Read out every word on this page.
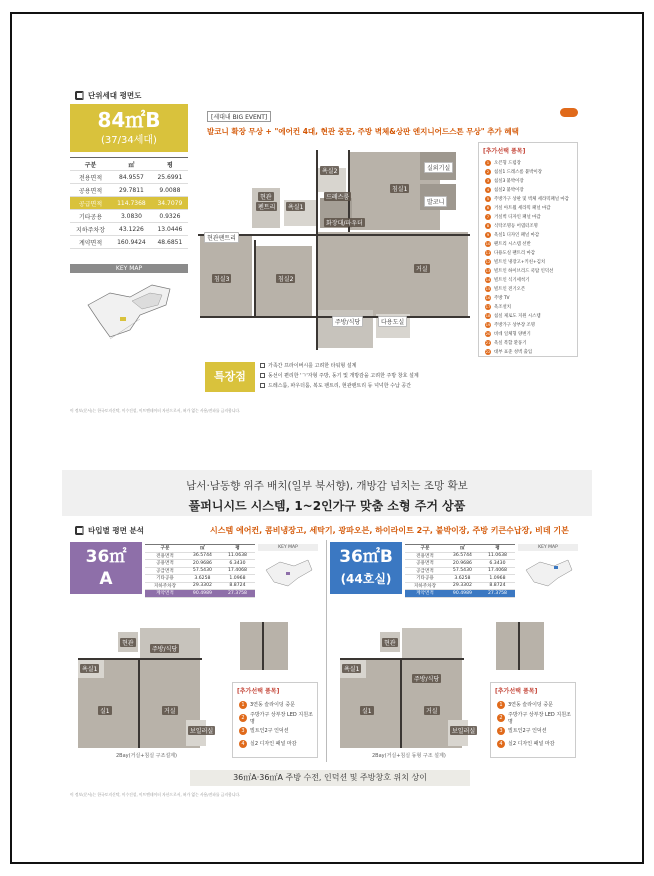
단위세대 평면도
84㎡B
(37/34세대)
구분	㎡	평
전용면적	84.9557	25.6991
공용면적	29.7811	9.0088
공급면적	114.7368	34.7079
기타공용	3.0830	0.9326
지하주차장	43.1226	13.0446
계약면적	160.9424	48.6851
KEY MAP
[세대내 BIG EVENT]
발코니 확장 무상 + "에어컨 4대, 현관 중문, 주방 벽체&상판 엔지니어드스톤 무상" 추가 혜택
욕실2
침실1
실외기실
현관
펜트리	욕실1
드레스룸
발코니
현관팬트리
화장대/파우더
침실3	침실2
거실
주방/식당	다용도실
[추가선택 품목]
1	오븐형 드럼장
2	침실1 드레스룸 붙박이장
3	침실3 붙박이장
4	침실2 붙박이장
5	주방가구 상판 및 벽체 세라믹패널 마감
6	거실 아트월 세라믹 패널 마감
7	거실벽 디자인 패널 마감
8	식탁조명등 어댑터조명
9	욕실1 디자인 패널 마감
10 팬트리 시스템 선반
11 다용도실 팬트리 마감
12 빌트인 냉장고+키친+김치
13 빌트인 하이브리드 쿡탑 인덕션
14 빌트인 식기세척기
15 빌트인 전기오븐
16 주방 TV
17 욕조설치
18 침실 제로도 지원 시스템
19 주방가구 상부장 조명
20 비데 일체형 양변기
21 욕실 복합 환풍기
22 대부 표준 성벽 출입
특장점
가족간 프라이버시를 고려한 타워형 설계
동선이 편리한 'ㄱ'자형 주방, 동기 및 개방감을 고려한 주방 창호 설계
드레스룸, 파우더룸, 복도 팬트리, 현관팬트리 등 넉넉한 수납 공간
이 정보(문서)는 한국토지신탁, 이수건설, 이트엔데이터 자산으로서, 허가 없는 사용/전파를 금지합니다.
남서·남동향 위주 배치(일부 북서향), 개방감 넘치는 조망 확보
풀퍼니시드 시스템, 1~2인가구 맞춤 소형 주거 상품
타입별 평면 분석	시스템 에어컨, 콤비냉장고, 세탁기, 광파오븐, 하이라이트 2구, 붙박이장, 주방 키큰수납장, 비데 기본
36㎡
A
구분	㎡	평
전용면적	36.5744	11.0638
공용면적	20.9686	6.3430
공급면적	57.5430	17.4068
기타공용	3.6258	1.0968
지하주차장	29.3302	8.8724
계약면적	90.4989	27.3758
KEY MAP	36㎡B
(44호실)
구분	㎡	평
전용면적	36.5744	11.0638
공용면적	20.9686	6.3430
공급면적	57.5430	17.4068
기타공용	3.6258	1.0968
지하주차장	29.3302	8.8724
계약면적	90.4989	27.3758
KEY MAP
현관
주방/식당
욕실1
실1	거실
보일러실
2Bay(거실+침실 구조설계)
[추가선택 품목]
1	3연동 슬라이딩 중문
2	주방가구 상부장 LED 지원조명
3	빌트인2구 인덕션
4	실2 디자인 패널 마감
현관
주방/식당
욕실1
실1	거실
보일러실
2Bay(거실+침실 동형 구조 설계)
[추가선택 품목]
1	3연동 슬라이딩 중문
2	주방가구 상부장 LED 지원조명
3	빌트인2구 인덕션
4	실2 디자인 패널 마감
36㎡A·36㎡A 주방 수전, 인덕션 및 주방창호 위치 상이
이 정보(문서)는 한국토지신탁, 이수건설, 이트엔데이터 자산으로서, 허가 없는 사용/전파를 금지합니다.
